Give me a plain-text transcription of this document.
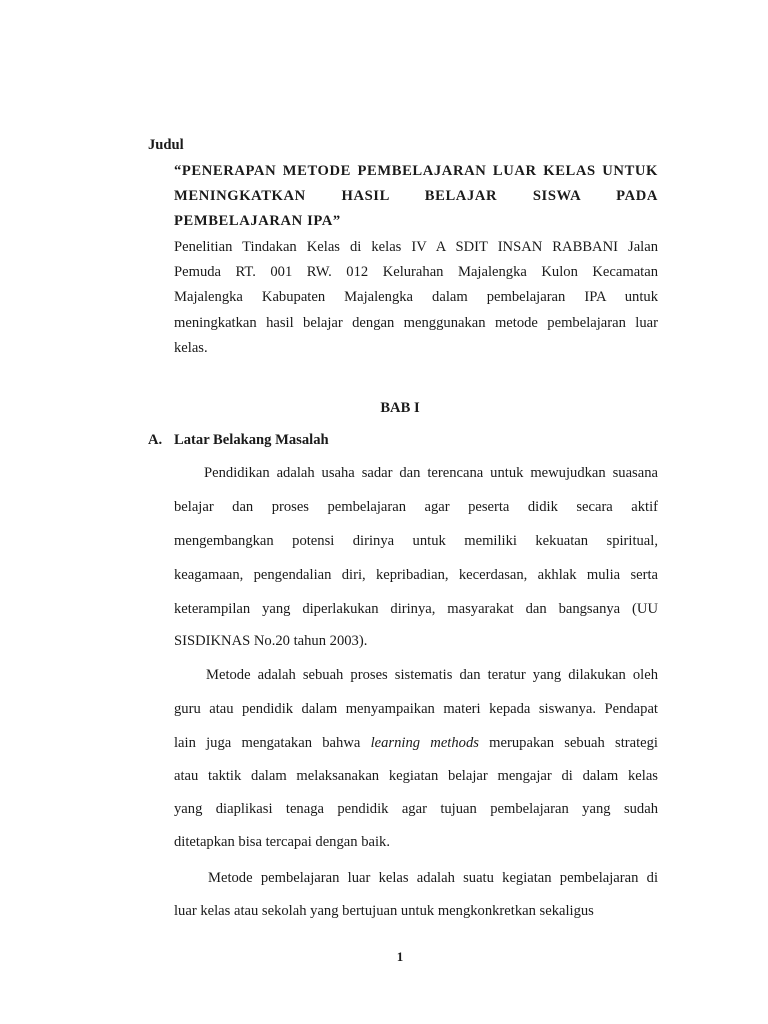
Judul
“PENERAPAN METODE PEMBELAJARAN LUAR KELAS UNTUK
MENINGKATKAN HASIL BELAJAR SISWA PADA
PEMBELAJARAN IPA”
Penelitian Tindakan Kelas di kelas IV A SDIT INSAN RABBANI Jalan
Pemuda RT. 001 RW. 012 Kelurahan Majalengka Kulon Kecamatan
Majalengka Kabupaten Majalengka dalam pembelajaran IPA untuk
meningkatkan hasil belajar dengan menggunakan metode pembelajaran luar
kelas.
BAB I
A. Latar Belakang Masalah
Pendidikan adalah usaha sadar dan terencana untuk mewujudkan suasana
belajar dan proses pembelajaran agar peserta didik secara aktif
mengembangkan potensi dirinya untuk memiliki kekuatan spiritual,
keagamaan, pengendalian diri, kepribadian, kecerdasan, akhlak mulia serta
keterampilan yang diperlakukan dirinya, masyarakat dan bangsanya (UU
SISDIKNAS No.20 tahun 2003).
Metode adalah sebuah proses sistematis dan teratur yang dilakukan oleh
guru atau pendidik dalam menyampaikan materi kepada siswanya. Pendapat
lain juga mengatakan bahwa learning methods merupakan sebuah strategi
atau taktik dalam melaksanakan kegiatan belajar mengajar di dalam kelas
yang diaplikasi tenaga pendidik agar tujuan pembelajaran yang sudah
ditetapkan bisa tercapai dengan baik.
Metode pembelajaran luar kelas adalah suatu kegiatan pembelajaran di
luar kelas atau sekolah yang bertujuan untuk mengkonkretkan sekaligus
1
